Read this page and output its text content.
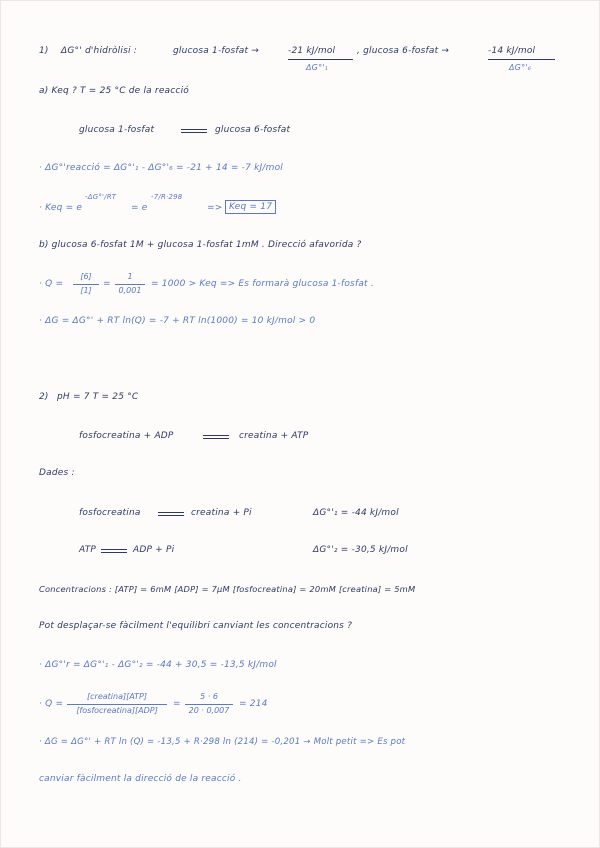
1) ΔG°' d'hidròlisi :	glucosa 1-fosfat →	-21 kJ/mol
ΔG°'₁
, glucosa 6-fosfat →	-14 kJ/mol
ΔG°'₆
a) Keq ? T = 25 °C de la reacció
glucosa 1-fosfat	glucosa 6-fosfat
· ΔG°'reacció = ΔG°'₁ - ΔG°'₆ = -21 + 14 = -7 kJ/mol
· Keq = e
-ΔG°'/RT
= e
-7/R·298
=> Keq = 17
b) glucosa 6-fosfat 1M + glucosa 1-fosfat 1mM . Direcció afavorida ?
· Q =
[6]
[1]
=
1
0,001
= 1000 > Keq => Es formarà glucosa 1-fosfat .
· ΔG = ΔG°' + RT ln(Q) = -7 + RT ln(1000) = 10 kJ/mol > 0
2) pH = 7 T = 25 °C
fosfocreatina + ADP	creatina + ATP
Dades :
fosfocreatina	creatina + Pi	ΔG°'₁ = -44 kJ/mol
ATP	ADP + Pi	ΔG°'₂ = -30,5 kJ/mol
Concentracions : [ATP] = 6mM [ADP] = 7μM [fosfocreatina] = 20mM [creatina] = 5mM
Pot desplaçar-se fàcilment l'equilibri canviant les concentracions ?
· ΔG°'r = ΔG°'₁ - ΔG°'₂ = -44 + 30,5 = -13,5 kJ/mol
· Q =
[creatina][ATP]
[fosfocreatina][ADP]
=
5 · 6
20 · 0,007
= 214
· ΔG = ΔG°' + RT ln (Q) = -13,5 + R·298 ln (214) = -0,201 → Molt petit => Es pot
canviar fàcilment la direcció de la reacció .
